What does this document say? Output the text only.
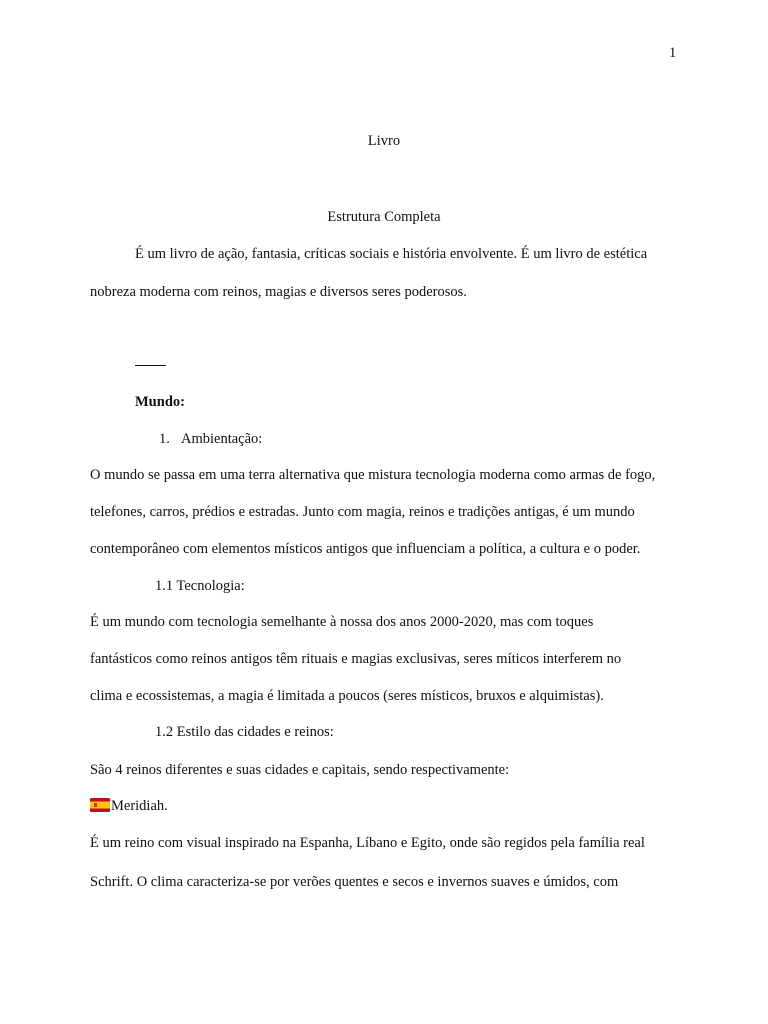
1
Livro
Estrutura Completa
É um livro de ação, fantasia, críticas sociais e história envolvente. É um livro de estética
nobreza moderna com reinos, magias e diversos seres poderosos.
Mundo:
1. Ambientação:
O mundo se passa em uma terra alternativa que mistura tecnologia moderna como armas de fogo,
telefones, carros, prédios e estradas. Junto com magia, reinos e tradições antigas, é um mundo
contemporâneo com elementos místicos antigos que influenciam a política, a cultura e o poder.
1.1 Tecnologia:
É um mundo com tecnologia semelhante à nossa dos anos 2000-2020, mas com toques
fantásticos como reinos antigos têm rituais e magias exclusivas, seres míticos interferem no
clima e ecossistemas, a magia é limitada a poucos (seres místicos, bruxos e alquimistas).
1.2 Estilo das cidades e reinos:
São 4 reinos diferentes e suas cidades e capitais, sendo respectivamente:
Meridiah.
É um reino com visual inspirado na Espanha, Líbano e Egito, onde são regidos pela família real
Schrift. O clima caracteriza-se por verões quentes e secos e invernos suaves e úmidos, com
